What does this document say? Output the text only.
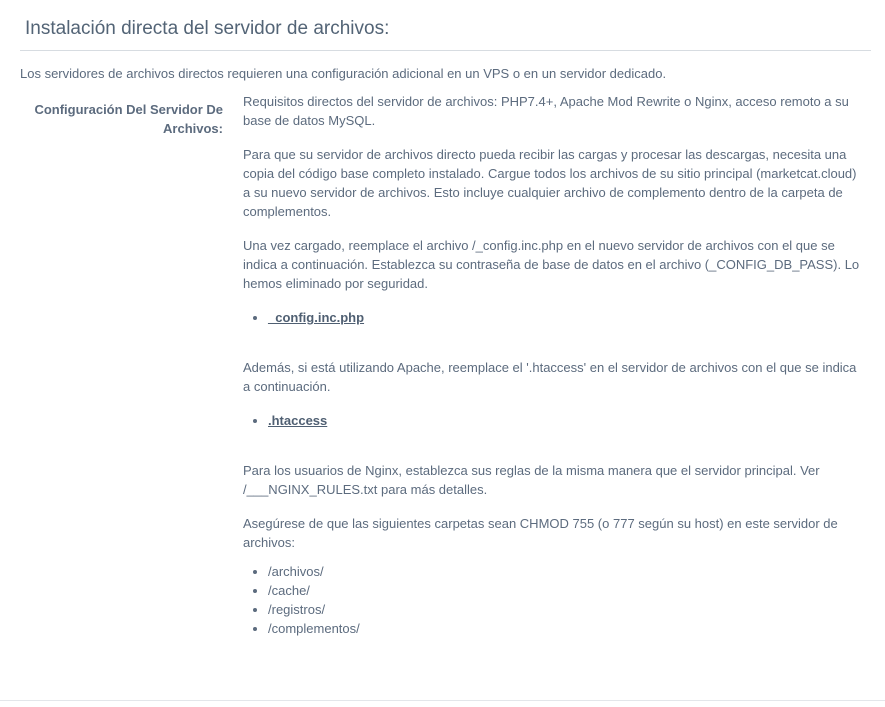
Instalación directa del servidor de archivos:
Los servidores de archivos directos requieren una configuración adicional en un VPS o en un servidor dedicado.
Configuración Del Servidor De Archivos:

Requisitos directos del servidor de archivos: PHP7.4+, Apache Mod Rewrite o Nginx, acceso remoto a su base de datos MySQL.

Para que su servidor de archivos directo pueda recibir las cargas y procesar las descargas, necesita una copia del código base completo instalado. Cargue todos los archivos de su sitio principal (marketcat.cloud) a su nuevo servidor de archivos. Esto incluye cualquier archivo de complemento dentro de la carpeta de complementos.

Una vez cargado, reemplace el archivo /_config.inc.php en el nuevo servidor de archivos con el que se indica a continuación. Establezca su contraseña de base de datos en el archivo (_CONFIG_DB_PASS). Lo hemos eliminado por seguridad.

• _config.inc.php

Además, si está utilizando Apache, reemplace el '.htaccess' en el servidor de archivos con el que se indica a continuación.

• .htaccess

Para los usuarios de Nginx, establezca sus reglas de la misma manera que el servidor principal. Ver /___NGINX_RULES.txt para más detalles.

Asegúrese de que las siguientes carpetas sean CHMOD 755 (o 777 según su host) en este servidor de archivos:

• /archivos/
• /cache/
• /registros/
• /complementos/
